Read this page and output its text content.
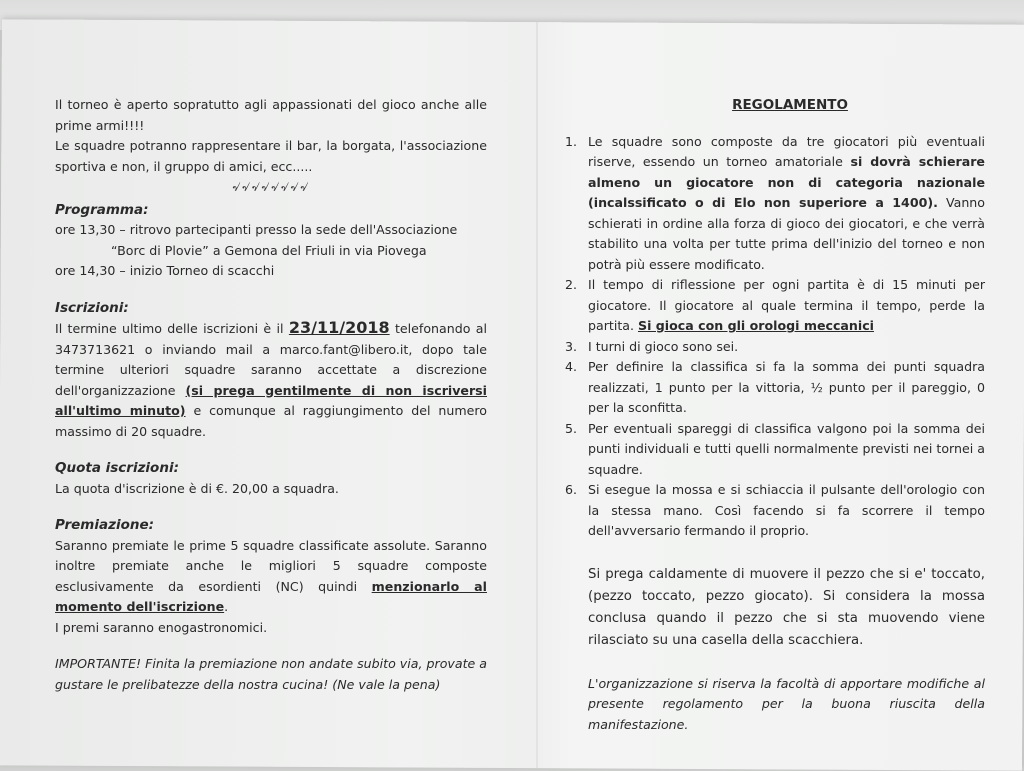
Il torneo è aperto sopratutto agli appassionati del gioco anche alle prime armi!!!!

Le squadre potranno rappresentare il bar, la borgata, l'associazione sportiva e non, il gruppo di amici, ecc.....

৵৵৵৵৵৵৵৵

Programma:

ore 13,30 – ritrovo partecipanti presso la sede dell'Associazione

“Borc di Plovie” a Gemona del Friuli in via Piovega

ore 14,30 – inizio Torneo di scacchi

Iscrizioni:

Il termine ultimo delle iscrizioni è il 23/11/2018 telefonando al 3473713621 o inviando mail a marco.fant@libero.it, dopo tale termine ulteriori squadre saranno accettate a discrezione dell'organizzazione (si prega gentilmente di non iscriversi all'ultimo minuto) e comunque al raggiungimento del numero massimo di 20 squadre.

Quota iscrizioni:

La quota d'iscrizione è di €. 20,00 a squadra.

Premiazione:

Saranno premiate le prime 5 squadre classificate assolute. Saranno inoltre premiate anche le migliori 5 squadre composte esclusivamente da esordienti (NC) quindi menzionarlo al momento dell'iscrizione.

I premi saranno enogastronomici.

IMPORTANTE! Finita la premiazione non andate subito via, provate a gustare le prelibatezze della nostra cucina! (Ne vale la pena)

REGOLAMENTO

1. Le squadre sono composte da tre giocatori più eventuali riserve, essendo un torneo amatoriale si dovrà schierare almeno un giocatore non di categoria nazionale (incalssificato o di Elo non superiore a 1400). Vanno schierati in ordine alla forza di gioco dei giocatori, e che verrà stabilito una volta per tutte prima dell'inizio del torneo e non potrà più essere modificato.
2. Il tempo di riflessione per ogni partita è di 15 minuti per giocatore. Il giocatore al quale termina il tempo, perde la partita. Si gioca con gli orologi meccanici
3. I turni di gioco sono sei.
4. Per definire la classifica si fa la somma dei punti squadra realizzati, 1 punto per la vittoria, ½ punto per il pareggio, 0 per la sconfitta.
5. Per eventuali spareggi di classifica valgono poi la somma dei punti individuali e tutti quelli normalmente previsti nei tornei a squadre.
6. Si esegue la mossa e si schiaccia il pulsante dell'orologio con la stessa mano. Così facendo si fa scorrere il tempo dell'avversario fermando il proprio.

Si prega caldamente di muovere il pezzo che si e' toccato, (pezzo toccato, pezzo giocato). Si considera la mossa conclusa quando il pezzo che si sta muovendo viene rilasciato su una casella della scacchiera.

L'organizzazione si riserva la facoltà di apportare modifiche al presente regolamento per la buona riuscita della manifestazione.
